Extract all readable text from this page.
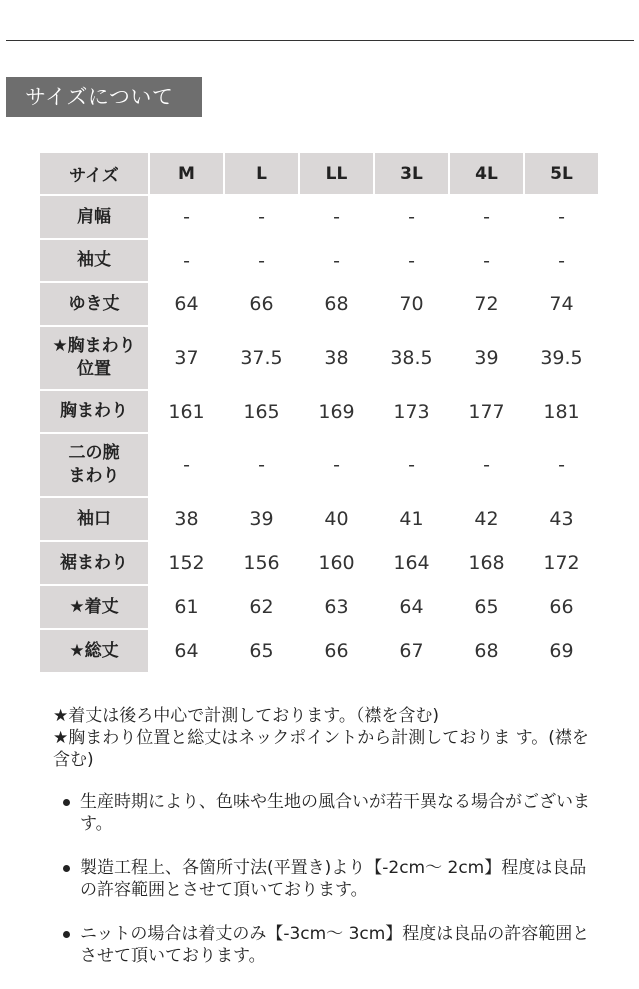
サイズについて
サイズ	M	L	LL	3L	4L	5L
肩幅	-	-	-	-	-	-
袖丈	-	-	-	-	-	-
ゆき丈	64	66	68	70	72	74
★胸まわり
位置	37	37.5	38	38.5	39	39.5
胸まわり	161	165	169	173	177	181
二の腕
まわり	-	-	-	-	-	-
袖口	38	39	40	41	42	43
裾まわり	152	156	160	164	168	172
★着丈	61	62	63	64	65	66
★総丈	64	65	66	67	68	69

★着丈は後ろ中心で計測しております。（襟を含む)

★胸まわり位置と総丈はネックポイントから計測しておりま す。(襟を含む)

生産時期により、色味や生地の風合いが若干異なる場合がございます。
製造工程上、各箇所寸法(平置き)より【-2cm～ 2cm】程度は良品の許容範囲とさせて頂いております。
ニットの場合は着丈のみ【-3cm～ 3cm】程度は良品の許容範囲とさせて頂いております。
